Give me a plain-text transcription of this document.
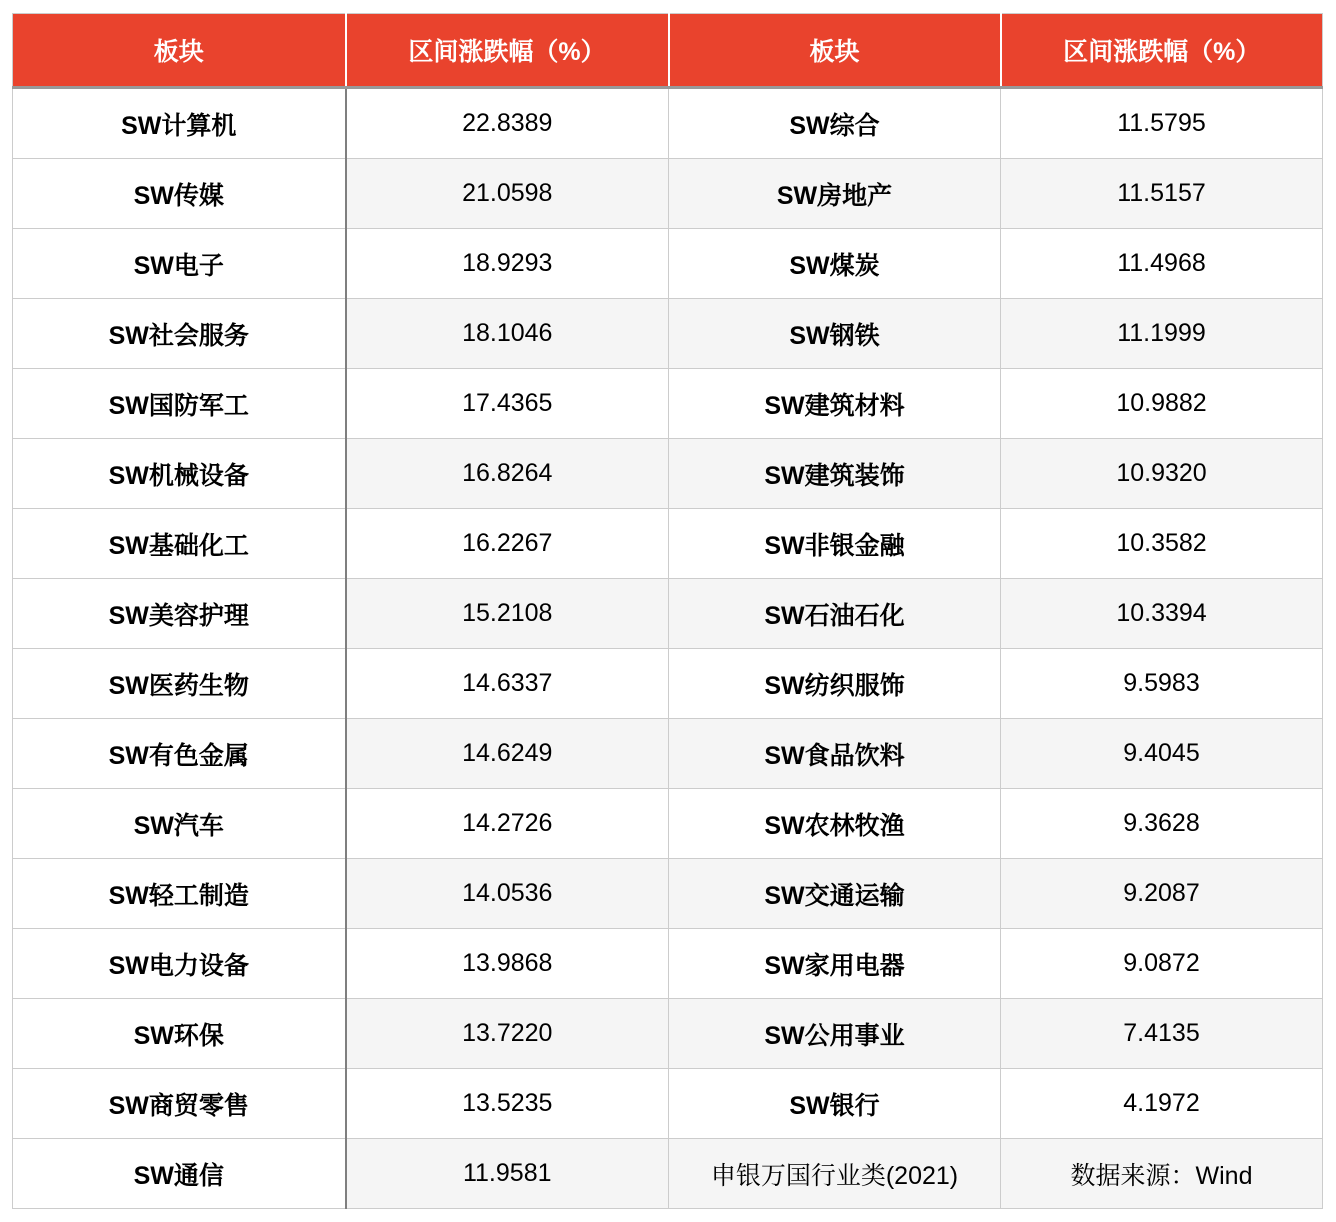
板块	区间涨跌幅（%）	板块	区间涨跌幅（%）
SW计算机	22.8389	SW综合	11.5795
SW传媒	21.0598	SW房地产	11.5157
SW电子	18.9293	SW煤炭	11.4968
SW社会服务	18.1046	SW钢铁	11.1999
SW国防军工	17.4365	SW建筑材料	10.9882
SW机械设备	16.8264	SW建筑装饰	10.9320
SW基础化工	16.2267	SW非银金融	10.3582
SW美容护理	15.2108	SW石油石化	10.3394
SW医药生物	14.6337	SW纺织服饰	9.5983
SW有色金属	14.6249	SW食品饮料	9.4045
SW汽车	14.2726	SW农林牧渔	9.3628
SW轻工制造	14.0536	SW交通运输	9.2087
SW电力设备	13.9868	SW家用电器	9.0872
SW环保	13.7220	SW公用事业	7.4135
SW商贸零售	13.5235	SW银行	4.1972
SW通信	11.9581	申银万国行业类(2021)	数据来源：Wind
